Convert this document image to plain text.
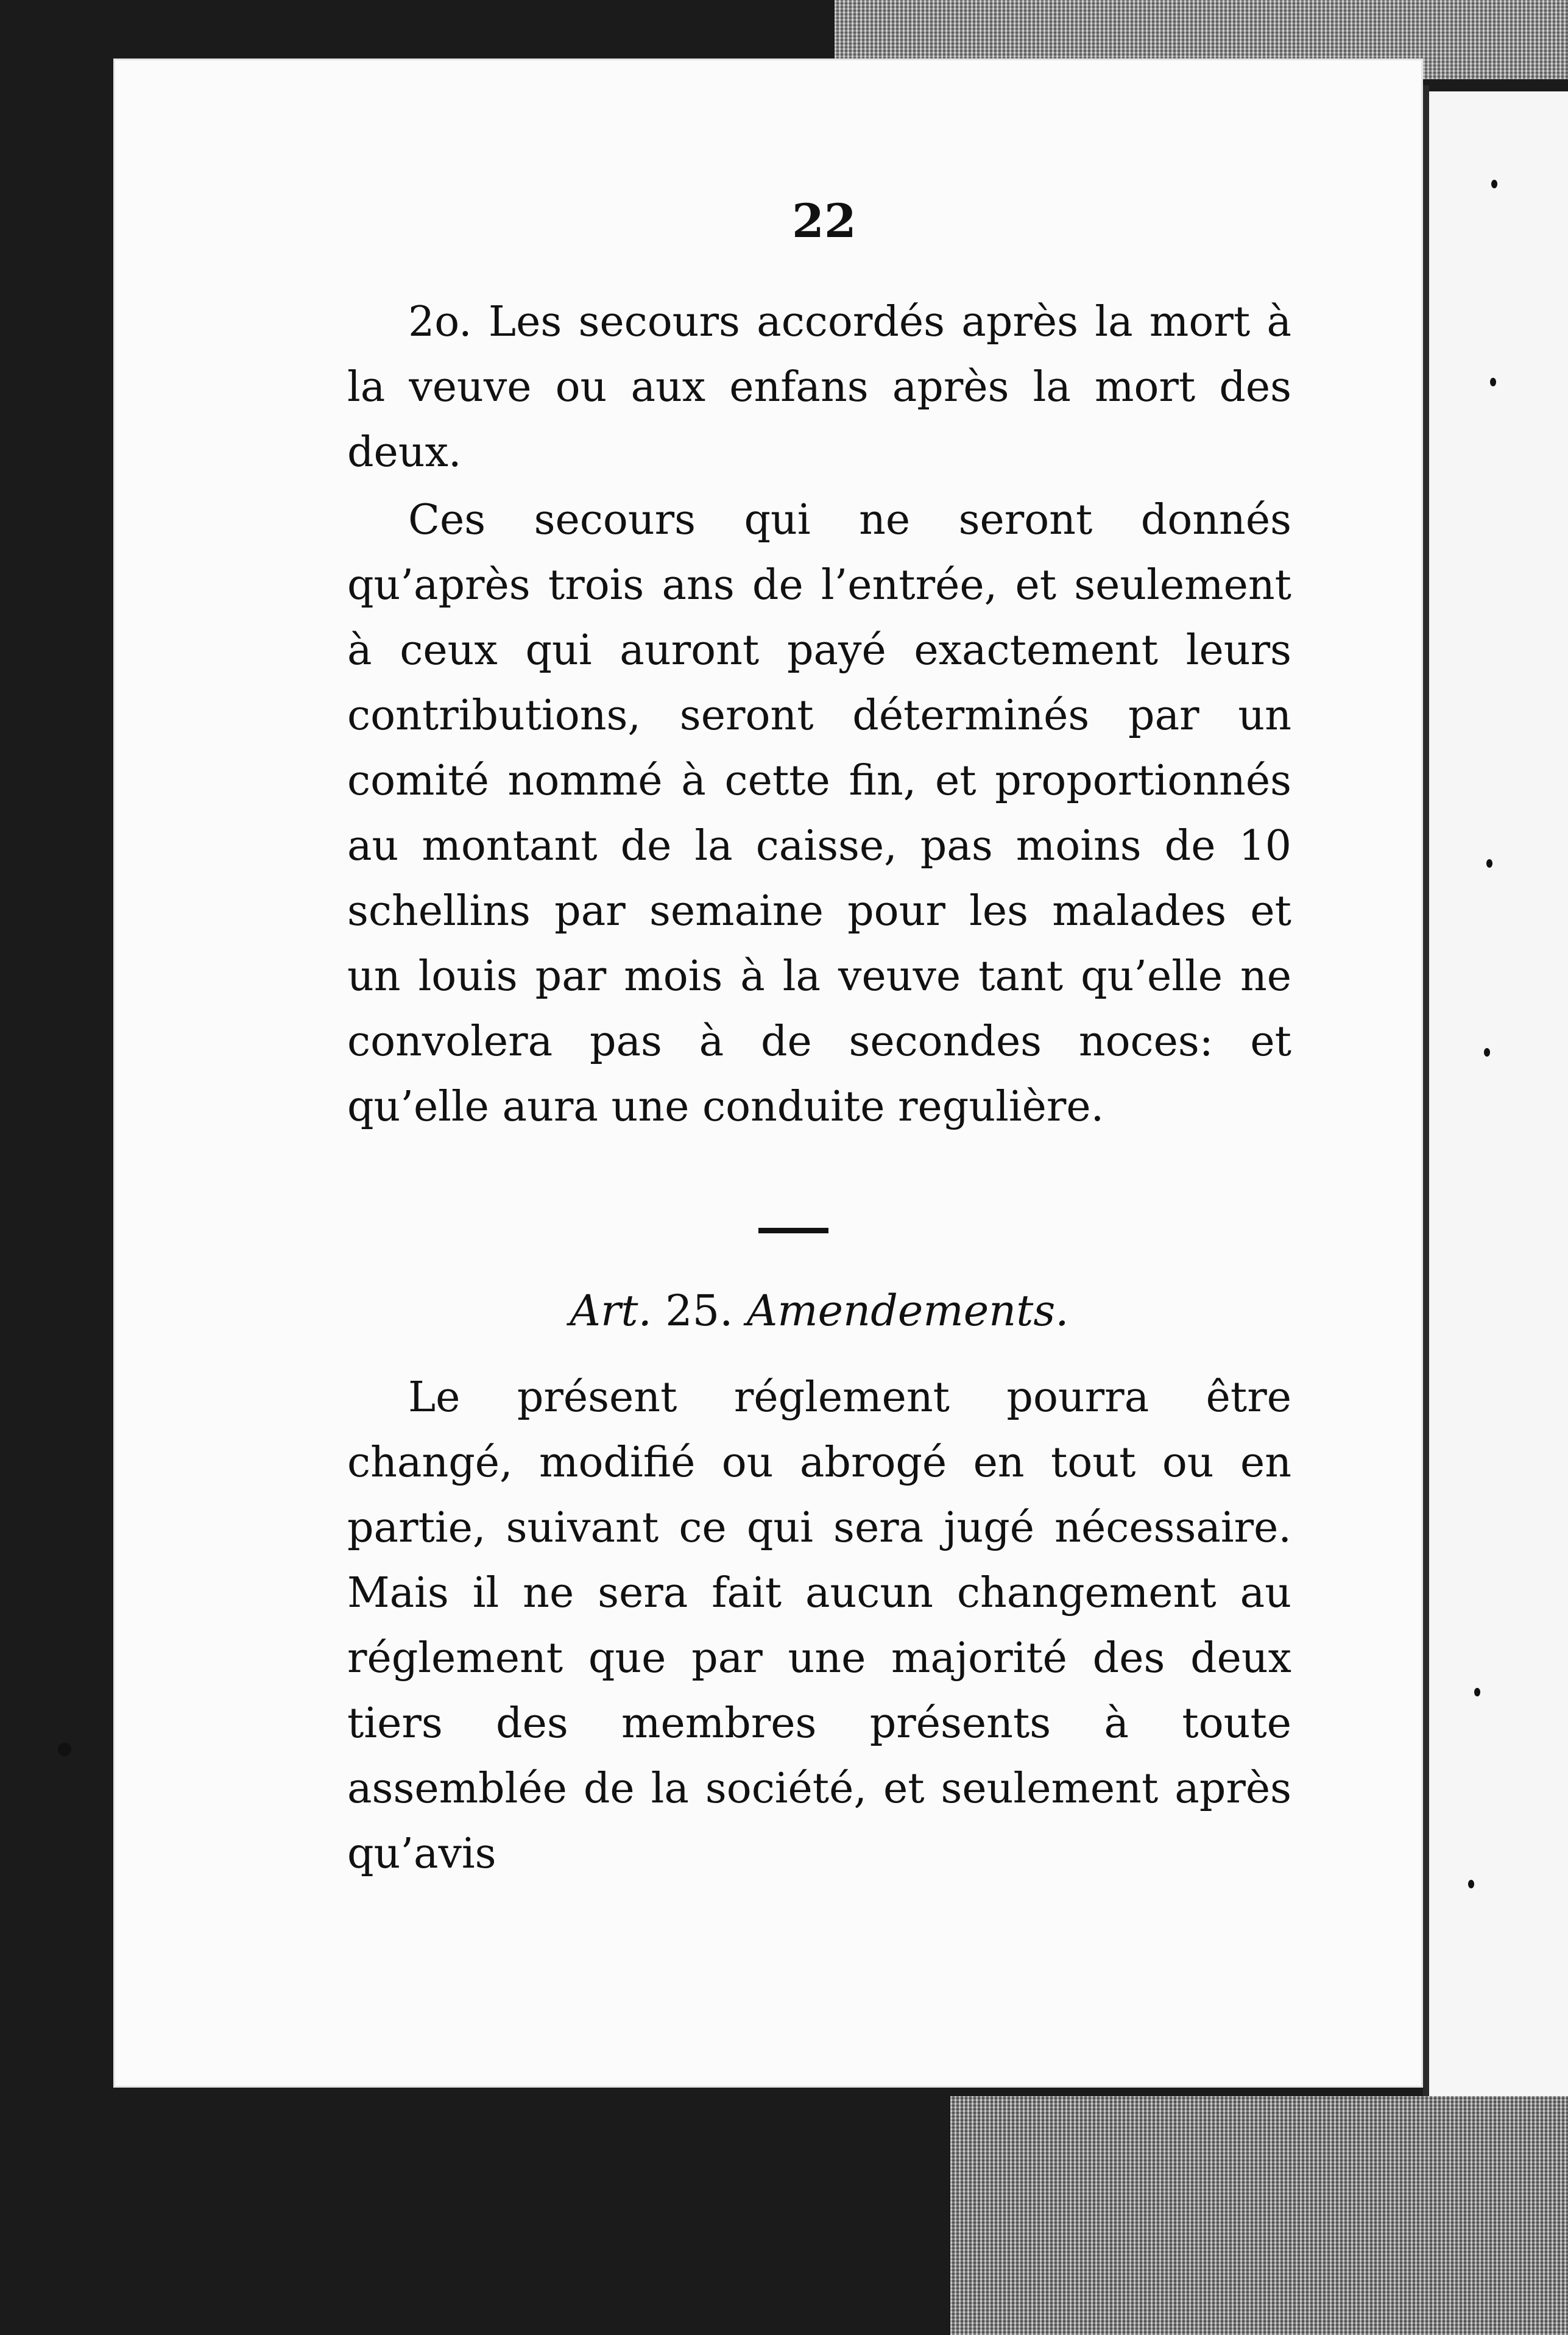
22
2o. Les secours accordés après la mort à la veuve ou aux enfans après la mort des deux.
Ces secours qui ne seront donnés qu’après trois ans de l’entrée, et seulement à ceux qui auront payé exactement leurs contributions, seront déterminés par un comité nommé à cette fin, et proportionnés au montant de la caisse, pas moins de 10 schellins par semaine pour les malades et un louis par mois à la veuve tant qu’elle ne convolera pas à de secondes noces: et qu’elle aura une conduite regulière.
Art. 25. Amendements.
Le présent réglement pourra être changé, modifié ou abrogé en tout ou en partie, suivant ce qui sera jugé nécessaire. Mais il ne sera fait aucun changement au réglement que par une majorité des deux tiers des membres présents à toute assemblée de la société, et seulement après qu’avis
